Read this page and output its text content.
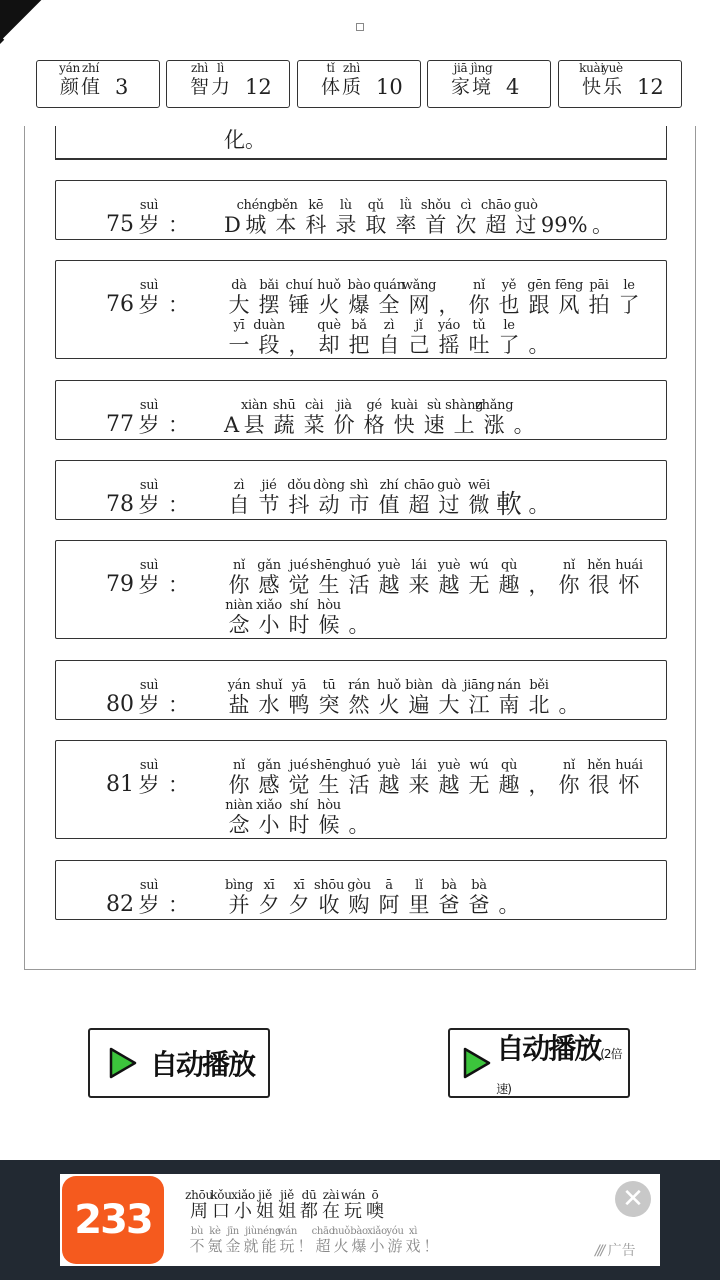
yán
颜
zhí
值 3
zhì
智
lì
力 12
tǐ
体
zhì
质 10
jiā
家
jìng
境 4
kuài
快
yuè
乐 12
化。
75
suì
岁 ： D
chéng
城
běn
本
kē
科
lù
录
qǔ
取
lǜ
率
shǒu
首
cì
次
chāo
超
guò
过 99% 。
76
suì
岁 ：
dà
大
bǎi
摆
chuí
锤
huǒ
火
bào
爆
quán
全
wǎng
网 ，
nǐ
你
yě
也
gēn
跟
fēng
风
pāi
拍
le
了
yī
一
duàn
段 ，
què
却
bǎ
把
zì
自
jǐ
己
yáo
摇
tǔ
吐
le
了 。
77
suì
岁 ： A
xiàn
县
shū
蔬
cài
菜
jià
价
gé
格
kuài
快
sù
速
shàng
上
zhǎng
涨 。
78
suì
岁 ：
zì
自
jié
节
dǒu
抖
dòng
动
shì
市
zhí
值
chāo
超
guò
过
wēi
微 軟 。
79
suì
岁 ：
nǐ
你
gǎn
感
jué
觉
shēng
生
huó
活
yuè
越
lái
来
yuè
越
wú
无
qù
趣 ，
nǐ
你
hěn
很
huái
怀
niàn
念
xiǎo
小
shí
时
hòu
候 。
80
suì
岁 ：
yán
盐
shuǐ
水
yā
鸭
tū
突
rán
然
huǒ
火
biàn
遍
dà
大
jiāng
江
nán
南
běi
北 。
81
suì
岁 ：
nǐ
你
gǎn
感
jué
觉
shēng
生
huó
活
yuè
越
lái
来
yuè
越
wú
无
qù
趣 ，
nǐ
你
hěn
很
huái
怀
niàn
念
xiǎo
小
shí
时
hòu
候 。
82
suì
岁 ：
bìng
并
xī
夕
xī
夕
shōu
收
gòu
购
ā
阿
lǐ
里
bà
爸
bà
爸 。
自动播放	自动播放(2倍速)
233
zhōu
周
kǒu
口
xiǎo
小
jiě
姐
jiě
姐
dū
都
zài
在
wán
玩
ō
噢
bù
不
kè
氪
jīn
金
jiù
就
néng
能
wán
玩 ！
chāo
超
huǒ
火
bào
爆
xiǎo
小
yóu
游
xì
戏 ！
✕
/// 广告
